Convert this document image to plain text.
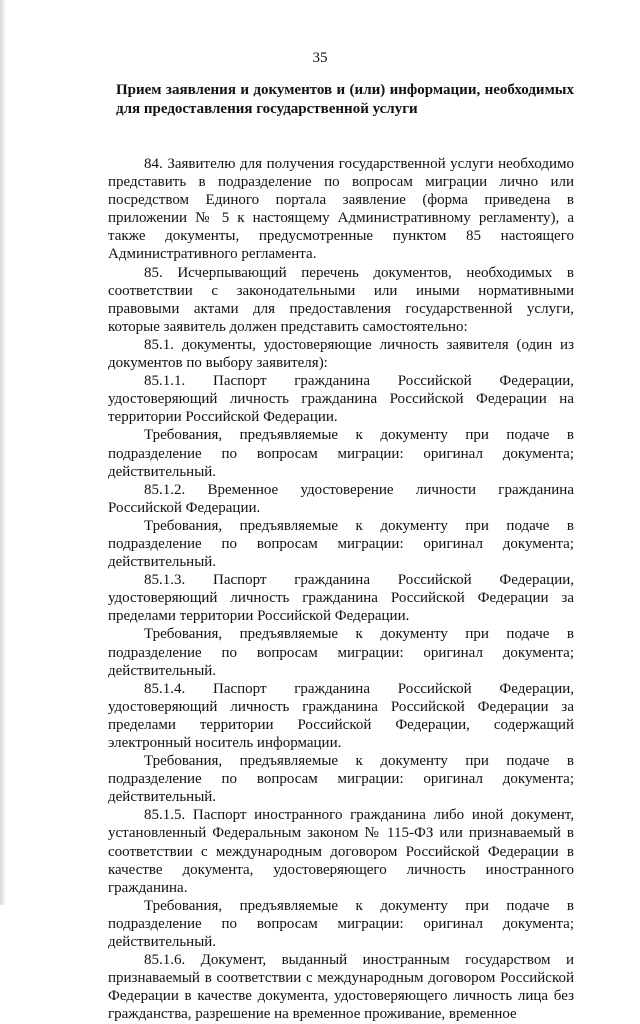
35
Прием заявления и документов и (или) информации, необходимых для предоставления государственной услуги

84. Заявителю для получения государственной услуги необходимо представить в подразделение по вопросам миграции лично или посредством Единого портала заявление (форма приведена в приложении № 5 к настоящему Административному регламенту), а также документы, предусмотренные пунктом 85 настоящего Административного регламента.

85. Исчерпывающий перечень документов, необходимых в соответствии с законодательными или иными нормативными правовыми актами для предоставления государственной услуги, которые заявитель должен представить самостоятельно:

85.1. документы, удостоверяющие личность заявителя (один из документов по выбору заявителя):

85.1.1. Паспорт гражданина Российской Федерации, удостоверяющий личность гражданина Российской Федерации на территории Российской Федерации.

Требования, предъявляемые к документу при подаче в подразделение по вопросам миграции: оригинал документа; действительный.

85.1.2. Временное удостоверение личности гражданина Российской Федерации.

Требования, предъявляемые к документу при подаче в подразделение по вопросам миграции: оригинал документа; действительный.

85.1.3. Паспорт гражданина Российской Федерации, удостоверяющий личность гражданина Российской Федерации за пределами территории Российской Федерации.

Требования, предъявляемые к документу при подаче в подразделение по вопросам миграции: оригинал документа; действительный.

85.1.4. Паспорт гражданина Российской Федерации, удостоверяющий личность гражданина Российской Федерации за пределами территории Российской Федерации, содержащий электронный носитель информации.

Требования, предъявляемые к документу при подаче в подразделение по вопросам миграции: оригинал документа; действительный.

85.1.5. Паспорт иностранного гражданина либо иной документ, установленный Федеральным законом № 115-ФЗ или признаваемый в соответствии с международным договором Российской Федерации в качестве документа, удостоверяющего личность иностранного гражданина.

Требования, предъявляемые к документу при подаче в подразделение по вопросам миграции: оригинал документа; действительный.

85.1.6. Документ, выданный иностранным государством и признаваемый в соответствии с международным договором Российской Федерации в качестве документа, удостоверяющего личность лица без гражданства, разрешение на временное проживание, временное
